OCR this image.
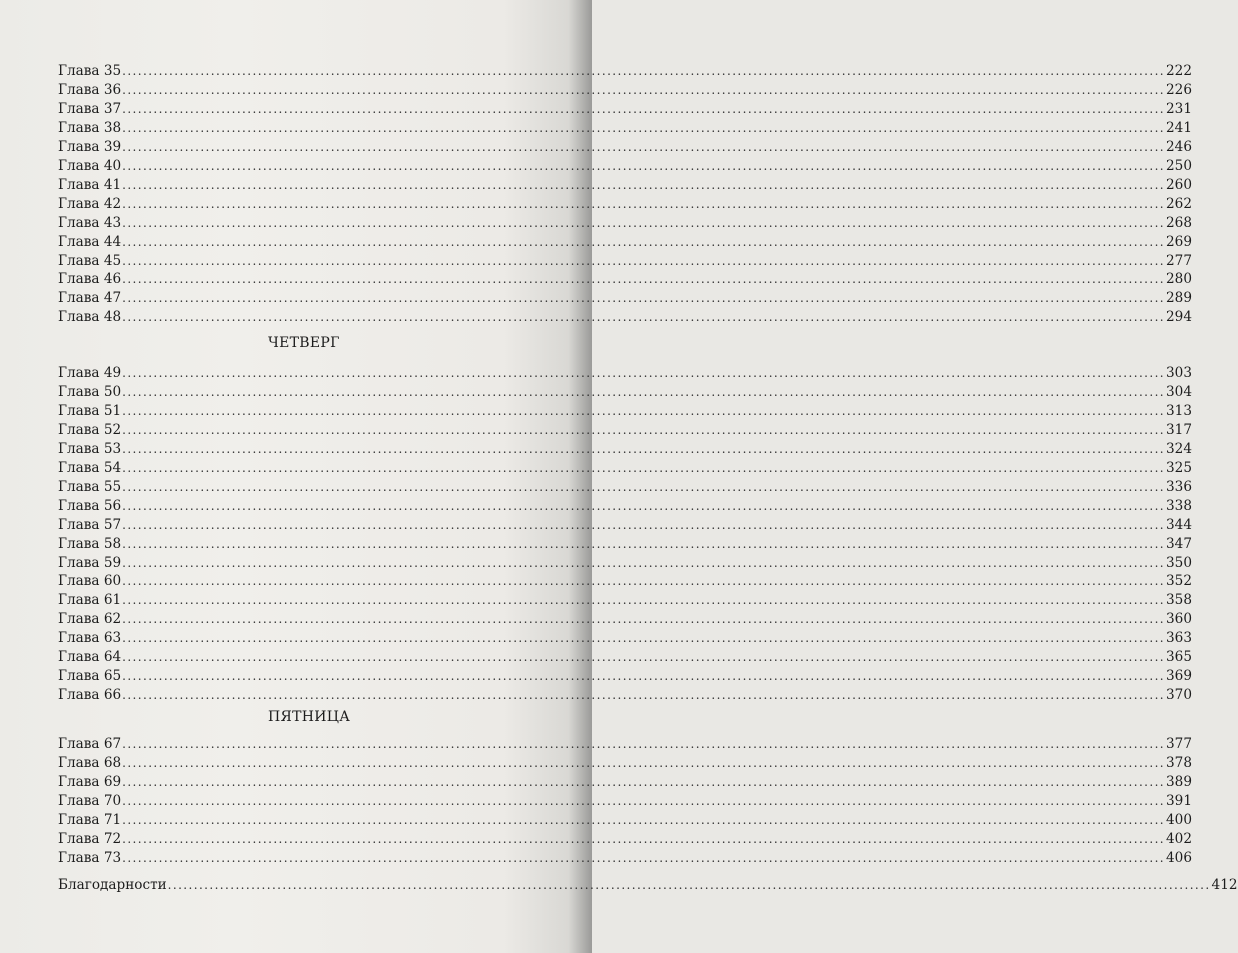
Глава 35 ........................................................................................................................................................................................................ 222
Глава 36 ........................................................................................................................................................................................................ 226
Глава 37 ........................................................................................................................................................................................................ 231
Глава 38 ........................................................................................................................................................................................................ 241
Глава 39 ........................................................................................................................................................................................................ 246
Глава 40 ........................................................................................................................................................................................................ 250
Глава 41 ........................................................................................................................................................................................................ 260
Глава 42 ........................................................................................................................................................................................................ 262
Глава 43 ........................................................................................................................................................................................................ 268
Глава 44 ........................................................................................................................................................................................................ 269
Глава 45 ........................................................................................................................................................................................................ 277
Глава 46 ........................................................................................................................................................................................................ 280
Глава 47 ........................................................................................................................................................................................................ 289
Глава 48 ........................................................................................................................................................................................................ 294
ЧЕТВЕРГ
Глава 49 ........................................................................................................................................................................................................ 303
Глава 50 ........................................................................................................................................................................................................ 304
Глава 51 ........................................................................................................................................................................................................ 313
Глава 52 ........................................................................................................................................................................................................ 317
Глава 53 ........................................................................................................................................................................................................ 324
Глава 54 ........................................................................................................................................................................................................ 325
Глава 55 ........................................................................................................................................................................................................ 336
Глава 56 ........................................................................................................................................................................................................ 338
Глава 57 ........................................................................................................................................................................................................ 344
Глава 58 ........................................................................................................................................................................................................ 347
Глава 59 ........................................................................................................................................................................................................ 350
Глава 60 ........................................................................................................................................................................................................ 352
Глава 61 ........................................................................................................................................................................................................ 358
Глава 62 ........................................................................................................................................................................................................ 360
Глава 63 ........................................................................................................................................................................................................ 363
Глава 64 ........................................................................................................................................................................................................ 365
Глава 65 ........................................................................................................................................................................................................ 369
Глава 66 ........................................................................................................................................................................................................ 370
ПЯТНИЦА
Глава 67 ........................................................................................................................................................................................................ 377
Глава 68 ........................................................................................................................................................................................................ 378
Глава 69 ........................................................................................................................................................................................................ 389
Глава 70 ........................................................................................................................................................................................................ 391
Глава 71 ........................................................................................................................................................................................................ 400
Глава 72 ........................................................................................................................................................................................................ 402
Глава 73 ........................................................................................................................................................................................................ 406
Благодарности ........................................................................................................................................................................................................ 412
